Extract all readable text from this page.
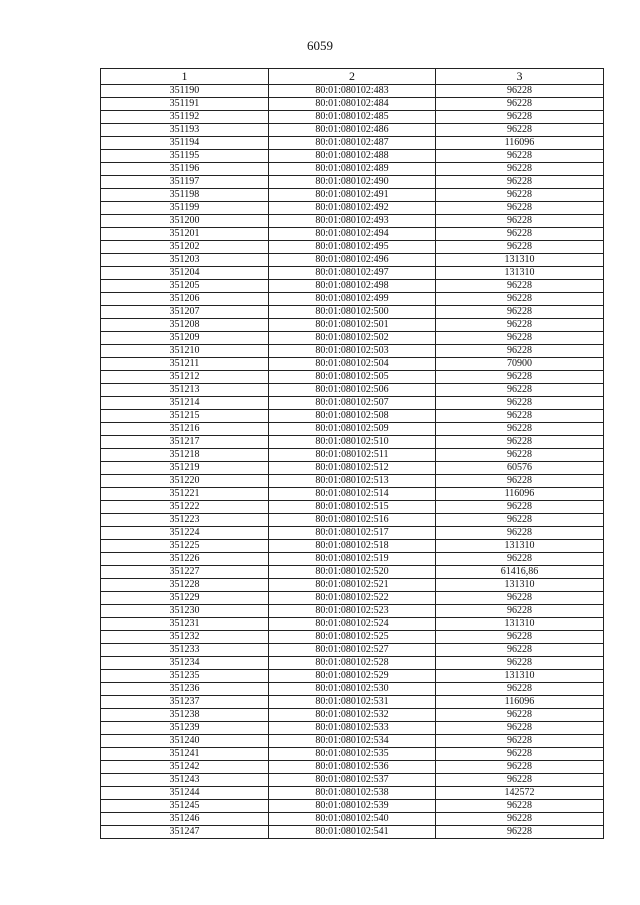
6059
1	2	3
351190	80:01:080102:483	96228
351191	80:01:080102:484	96228
351192	80:01:080102:485	96228
351193	80:01:080102:486	96228
351194	80:01:080102:487	116096
351195	80:01:080102:488	96228
351196	80:01:080102:489	96228
351197	80:01:080102:490	96228
351198	80:01:080102:491	96228
351199	80:01:080102:492	96228
351200	80:01:080102:493	96228
351201	80:01:080102:494	96228
351202	80:01:080102:495	96228
351203	80:01:080102:496	131310
351204	80:01:080102:497	131310
351205	80:01:080102:498	96228
351206	80:01:080102:499	96228
351207	80:01:080102:500	96228
351208	80:01:080102:501	96228
351209	80:01:080102:502	96228
351210	80:01:080102:503	96228
351211	80:01:080102:504	70900
351212	80:01:080102:505	96228
351213	80:01:080102:506	96228
351214	80:01:080102:507	96228
351215	80:01:080102:508	96228
351216	80:01:080102:509	96228
351217	80:01:080102:510	96228
351218	80:01:080102:511	96228
351219	80:01:080102:512	60576
351220	80:01:080102:513	96228
351221	80:01:080102:514	116096
351222	80:01:080102:515	96228
351223	80:01:080102:516	96228
351224	80:01:080102:517	96228
351225	80:01:080102:518	131310
351226	80:01:080102:519	96228
351227	80:01:080102:520	61416,86
351228	80:01:080102:521	131310
351229	80:01:080102:522	96228
351230	80:01:080102:523	96228
351231	80:01:080102:524	131310
351232	80:01:080102:525	96228
351233	80:01:080102:527	96228
351234	80:01:080102:528	96228
351235	80:01:080102:529	131310
351236	80:01:080102:530	96228
351237	80:01:080102:531	116096
351238	80:01:080102:532	96228
351239	80:01:080102:533	96228
351240	80:01:080102:534	96228
351241	80:01:080102:535	96228
351242	80:01:080102:536	96228
351243	80:01:080102:537	96228
351244	80:01:080102:538	142572
351245	80:01:080102:539	96228
351246	80:01:080102:540	96228
351247	80:01:080102:541	96228
